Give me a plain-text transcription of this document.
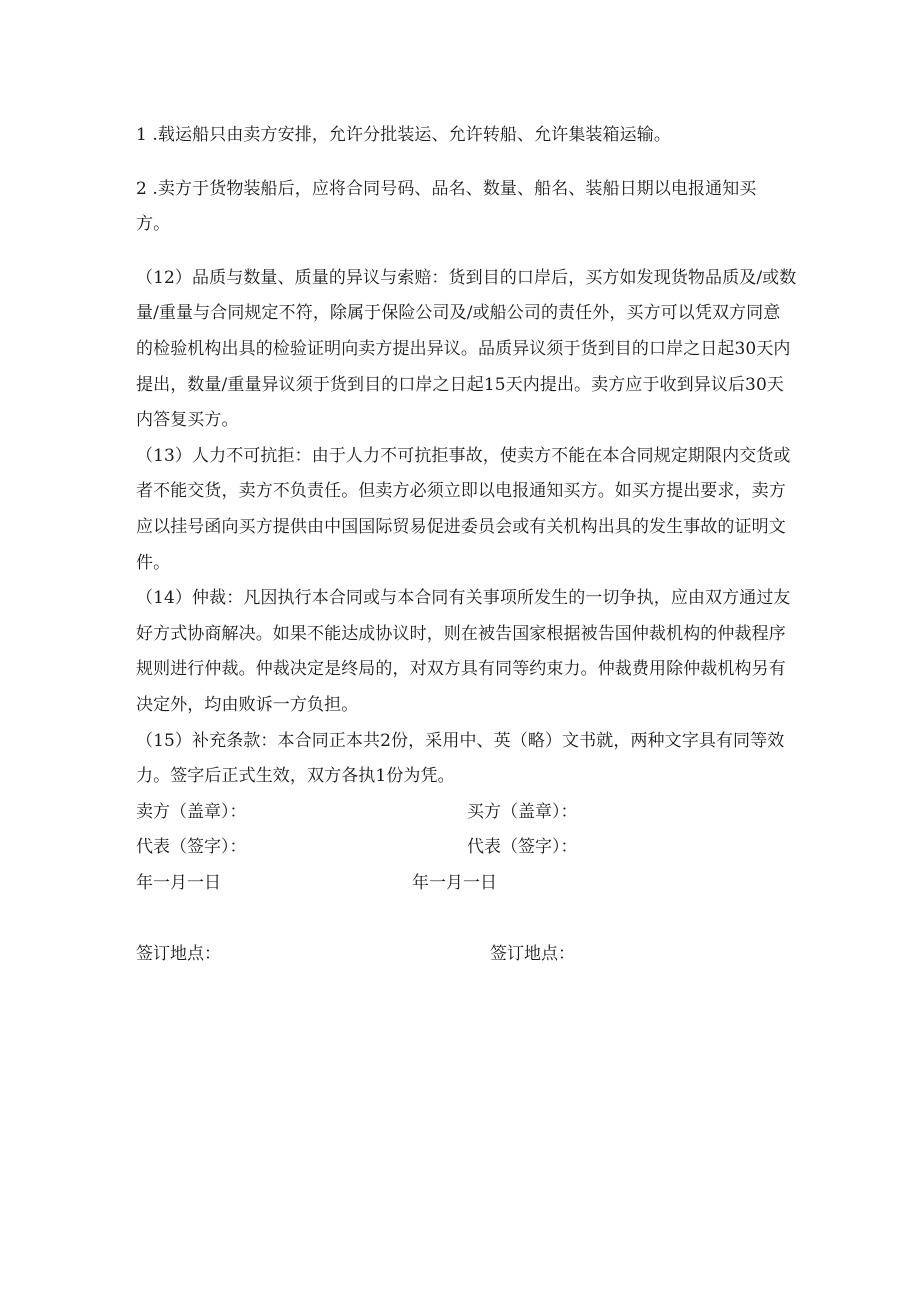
1 .载运船只由卖方安排，允许分批装运、允许转船、允许集装箱运输。
2 .卖方于货物装船后，应将合同号码、品名、数量、船名、装船日期以电报通知买
方。
（12）品质与数量、质量的异议与索赔：货到目的口岸后，买方如发现货物品质及/或数
量/重量与合同规定不符，除属于保险公司及/或船公司的责任外，买方可以凭双方同意
的检验机构出具的检验证明向卖方提出异议。品质异议须于货到目的口岸之日起30天内
提出，数量/重量异议须于货到目的口岸之日起15天内提出。卖方应于收到异议后30天
内答复买方。
（13）人力不可抗拒：由于人力不可抗拒事故，使卖方不能在本合同规定期限内交货或
者不能交货，卖方不负责任。但卖方必须立即以电报通知买方。如买方提出要求，卖方
应以挂号函向买方提供由中国国际贸易促进委员会或有关机构出具的发生事故的证明文
件。
（14）仲裁：凡因执行本合同或与本合同有关事项所发生的一切争执，应由双方通过友
好方式协商解决。如果不能达成协议时，则在被告国家根据被告国仲裁机构的仲裁程序
规则进行仲裁。仲裁决定是终局的，对双方具有同等约束力。仲裁费用除仲裁机构另有
决定外，均由败诉一方负担。
（15）补充条款：本合同正本共2份，采用中、英（略）文书就，两种文字具有同等效
力。签字后正式生效，双方各执1份为凭。
卖方（盖章）：	买方（盖章）：
代表（签字）：	代表（签字）：
年一月一日	年一月一日
签订地点：	签订地点：
